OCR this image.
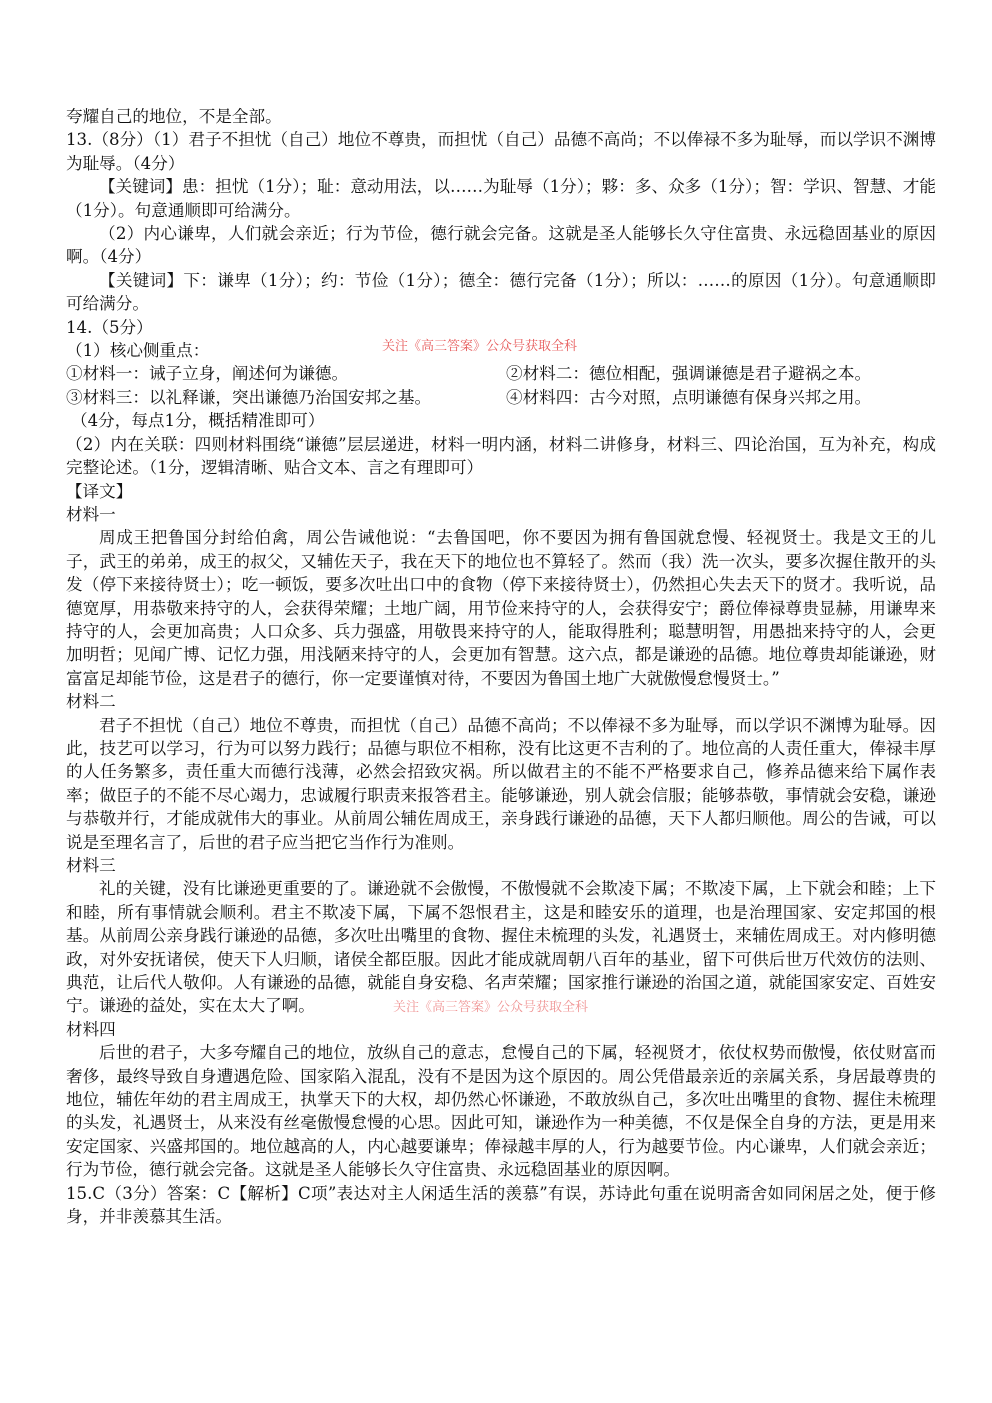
夸耀自己的地位，不是全部。

13.（8分）（1）君子不担忧（自己）地位不尊贵，而担忧（自己）品德不高尚；不以俸禄不多为耻辱，而以学识不渊博为耻辱。（4分）

【关键词】患：担忧（1分）；耻：意动用法，以……为耻辱（1分）；夥：多、众多（1分）；智：学识、智慧、才能（1分）。句意通顺即可给满分。

（2）内心谦卑，人们就会亲近；行为节俭，德行就会完备。这就是圣人能够长久守住富贵、永远稳固基业的原因啊。（4分）

【关键词】下：谦卑（1分）；约：节俭（1分）；德全：德行完备（1分）；所以：……的原因（1分）。句意通顺即可给满分。

14.（5分）

（1）核心侧重点：

①材料一：诫子立身，阐述何为谦德。	②材料二：德位相配，强调谦德是君子避祸之本。
③材料三：以礼释谦，突出谦德乃治国安邦之基。	④材料四：古今对照，点明谦德有保身兴邦之用。

（4分，每点1分，概括精准即可）

（2）内在关联：四则材料围绕“谦德”层层递进，材料一明内涵，材料二讲修身，材料三、四论治国，互为补充，构成完整论述。（1分，逻辑清晰、贴合文本、言之有理即可）

【译文】

材料一

周成王把鲁国分封给伯禽，周公告诫他说：“去鲁国吧，你不要因为拥有鲁国就怠慢、轻视贤士。我是文王的儿子，武王的弟弟，成王的叔父，又辅佐天子，我在天下的地位也不算轻了。然而（我）洗一次头，要多次握住散开的头发（停下来接待贤士）；吃一顿饭，要多次吐出口中的食物（停下来接待贤士），仍然担心失去天下的贤才。我听说，品德宽厚，用恭敬来持守的人，会获得荣耀；土地广阔，用节俭来持守的人，会获得安宁；爵位俸禄尊贵显赫，用谦卑来持守的人，会更加高贵；人口众多、兵力强盛，用敬畏来持守的人，能取得胜利；聪慧明智，用愚拙来持守的人，会更加明哲；见闻广博、记忆力强，用浅陋来持守的人，会更加有智慧。这六点，都是谦逊的品德。地位尊贵却能谦逊，财富富足却能节俭，这是君子的德行，你一定要谨慎对待，不要因为鲁国土地广大就傲慢怠慢贤士。”

材料二

君子不担忧（自己）地位不尊贵，而担忧（自己）品德不高尚；不以俸禄不多为耻辱，而以学识不渊博为耻辱。因此，技艺可以学习，行为可以努力践行；品德与职位不相称，没有比这更不吉利的了。地位高的人责任重大，俸禄丰厚的人任务繁多，责任重大而德行浅薄，必然会招致灾祸。所以做君主的不能不严格要求自己，修养品德来给下属作表率；做臣子的不能不尽心竭力，忠诚履行职责来报答君主。能够谦逊，别人就会信服；能够恭敬，事情就会安稳，谦逊与恭敬并行，才能成就伟大的事业。从前周公辅佐周成王，亲身践行谦逊的品德，天下人都归顺他。周公的告诫，可以说是至理名言了，后世的君子应当把它当作行为准则。

材料三

礼的关键，没有比谦逊更重要的了。谦逊就不会傲慢，不傲慢就不会欺凌下属；不欺凌下属，上下就会和睦；上下和睦，所有事情就会顺利。君主不欺凌下属，下属不怨恨君主，这是和睦安乐的道理，也是治理国家、安定邦国的根基。从前周公亲身践行谦逊的品德，多次吐出嘴里的食物、握住未梳理的头发，礼遇贤士，来辅佐周成王。对内修明德政，对外安抚诸侯，使天下人归顺，诸侯全都臣服。因此才能成就周朝八百年的基业，留下可供后世万代效仿的法则、典范，让后代人敬仰。人有谦逊的品德，就能自身安稳、名声荣耀；国家推行谦逊的治国之道，就能国家安定、百姓安宁。谦逊的益处，实在太大了啊。

材料四

后世的君子，大多夸耀自己的地位，放纵自己的意志，怠慢自己的下属，轻视贤才，依仗权势而傲慢，依仗财富而奢侈，最终导致自身遭遇危险、国家陷入混乱，没有不是因为这个原因的。周公凭借最亲近的亲属关系，身居最尊贵的地位，辅佐年幼的君主周成王，执掌天下的大权，却仍然心怀谦逊，不敢放纵自己，多次吐出嘴里的食物、握住未梳理的头发，礼遇贤士，从来没有丝毫傲慢怠慢的心思。因此可知，谦逊作为一种美德，不仅是保全自身的方法，更是用来安定国家、兴盛邦国的。地位越高的人，内心越要谦卑；俸禄越丰厚的人，行为越要节俭。内心谦卑，人们就会亲近；行为节俭，德行就会完备。这就是圣人能够长久守住富贵、永远稳固基业的原因啊。

15.C（3分）答案：C【解析】C项”表达对主人闲适生活的羡慕”有误，苏诗此句重在说明斋舍如同闲居之处，便于修身，并非羡慕其生活。

关注《高三答案》公众号获取全科
关注《高三答案》公众号获取全科
